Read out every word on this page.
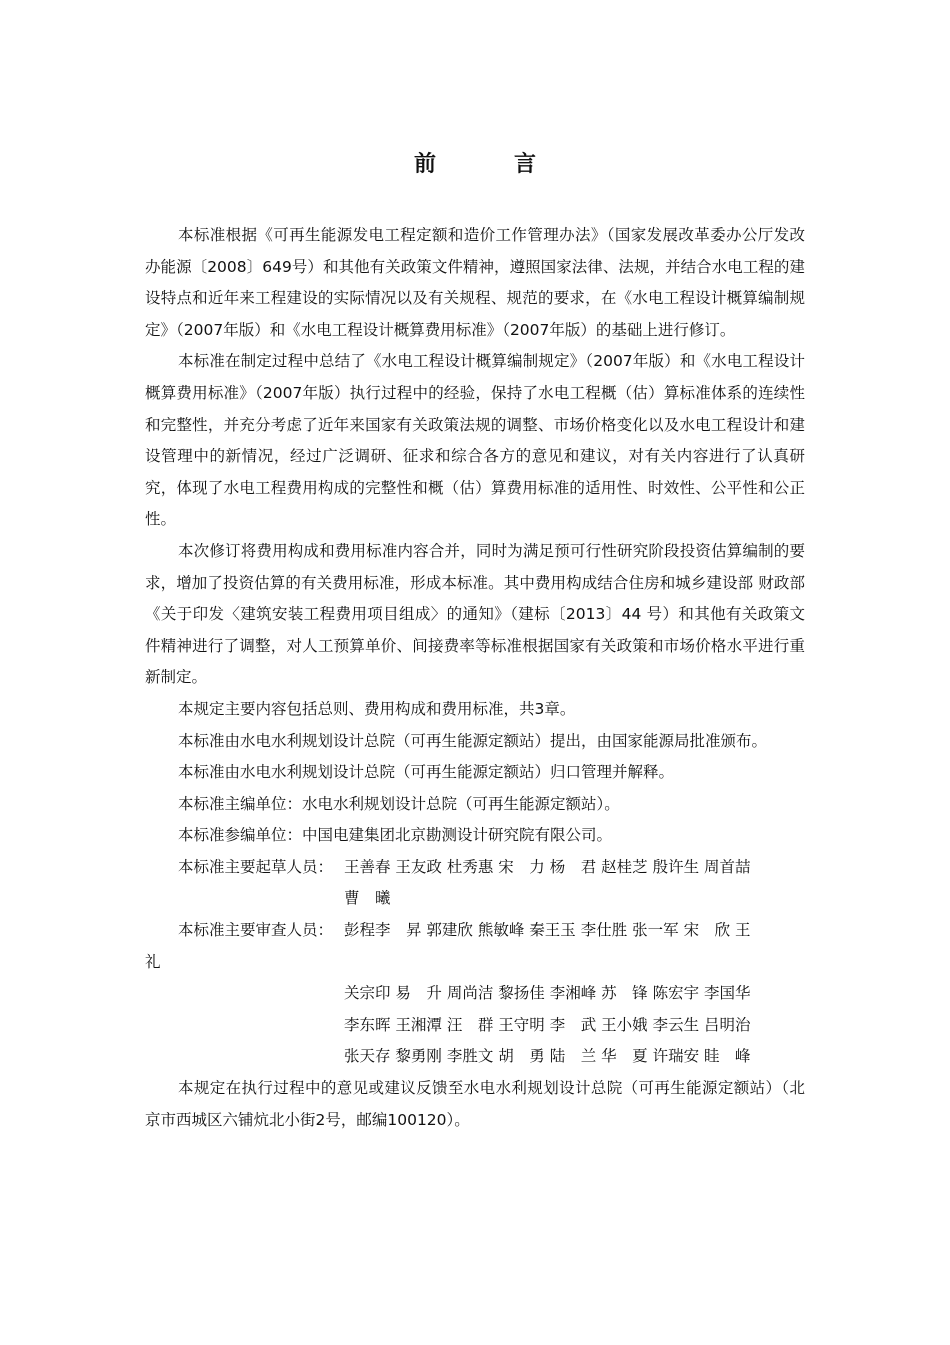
前　言

本标准根据《可再生能源发电工程定额和造价工作管理办法》（国家发展改革委办公厅发改办能源〔2008〕649号）和其他有关政策文件精神，遵照国家法律、法规，并结合水电工程的建设特点和近年来工程建设的实际情况以及有关规程、规范的要求，在《水电工程设计概算编制规定》（2007年版）和《水电工程设计概算费用标准》（2007年版）的基础上进行修订。

本标准在制定过程中总结了《水电工程设计概算编制规定》（2007年版）和《水电工程设计概算费用标准》（2007年版）执行过程中的经验，保持了水电工程概（估）算标准体系的连续性和完整性，并充分考虑了近年来国家有关政策法规的调整、市场价格变化以及水电工程设计和建设管理中的新情况，经过广泛调研、征求和综合各方的意见和建议，对有关内容进行了认真研究，体现了水电工程费用构成的完整性和概（估）算费用标准的适用性、时效性、公平性和公正性。

本次修订将费用构成和费用标准内容合并，同时为满足预可行性研究阶段投资估算编制的要求，增加了投资估算的有关费用标准，形成本标准。其中费用构成结合住房和城乡建设部 财政部《关于印发〈建筑安装工程费用项目组成〉的通知》（建标〔2013〕44 号）和其他有关政策文件精神进行了调整，对人工预算单价、间接费率等标准根据国家有关政策和市场价格水平进行重新制定。

本规定主要内容包括总则、费用构成和费用标准，共3章。

本标准由水电水利规划设计总院（可再生能源定额站）提出，由国家能源局批准颁布。

本标准由水电水利规划设计总院（可再生能源定额站）归口管理并解释。

本标准主编单位：水电水利规划设计总院（可再生能源定额站）。

本标准参编单位：中国电建集团北京勘测设计研究院有限公司。

本标准主要起草人员： 王善春 王友政 杜秀惠 宋　力 杨　君 赵桂芝 殷许生 周首喆

曹　曦

本标准主要审查人员： 彭程李　昇 郭建欣 熊敏峰 秦王玉 李仕胜 张一军 宋　欣 王

礼

关宗印 易　升 周尚洁 黎扬佳 李湘峰 苏　锋 陈宏宇 李国华

李东晖 王湘潭 汪　群 王守明 李　武 王小娥 李云生 吕明治

张天存 黎勇刚 李胜文 胡　勇 陆　兰 华　夏 许瑞安 眭　峰

本规定在执行过程中的意见或建议反馈至水电水利规划设计总院（可再生能源定额站）（北京市西城区六铺炕北小街2号，邮编100120）。
